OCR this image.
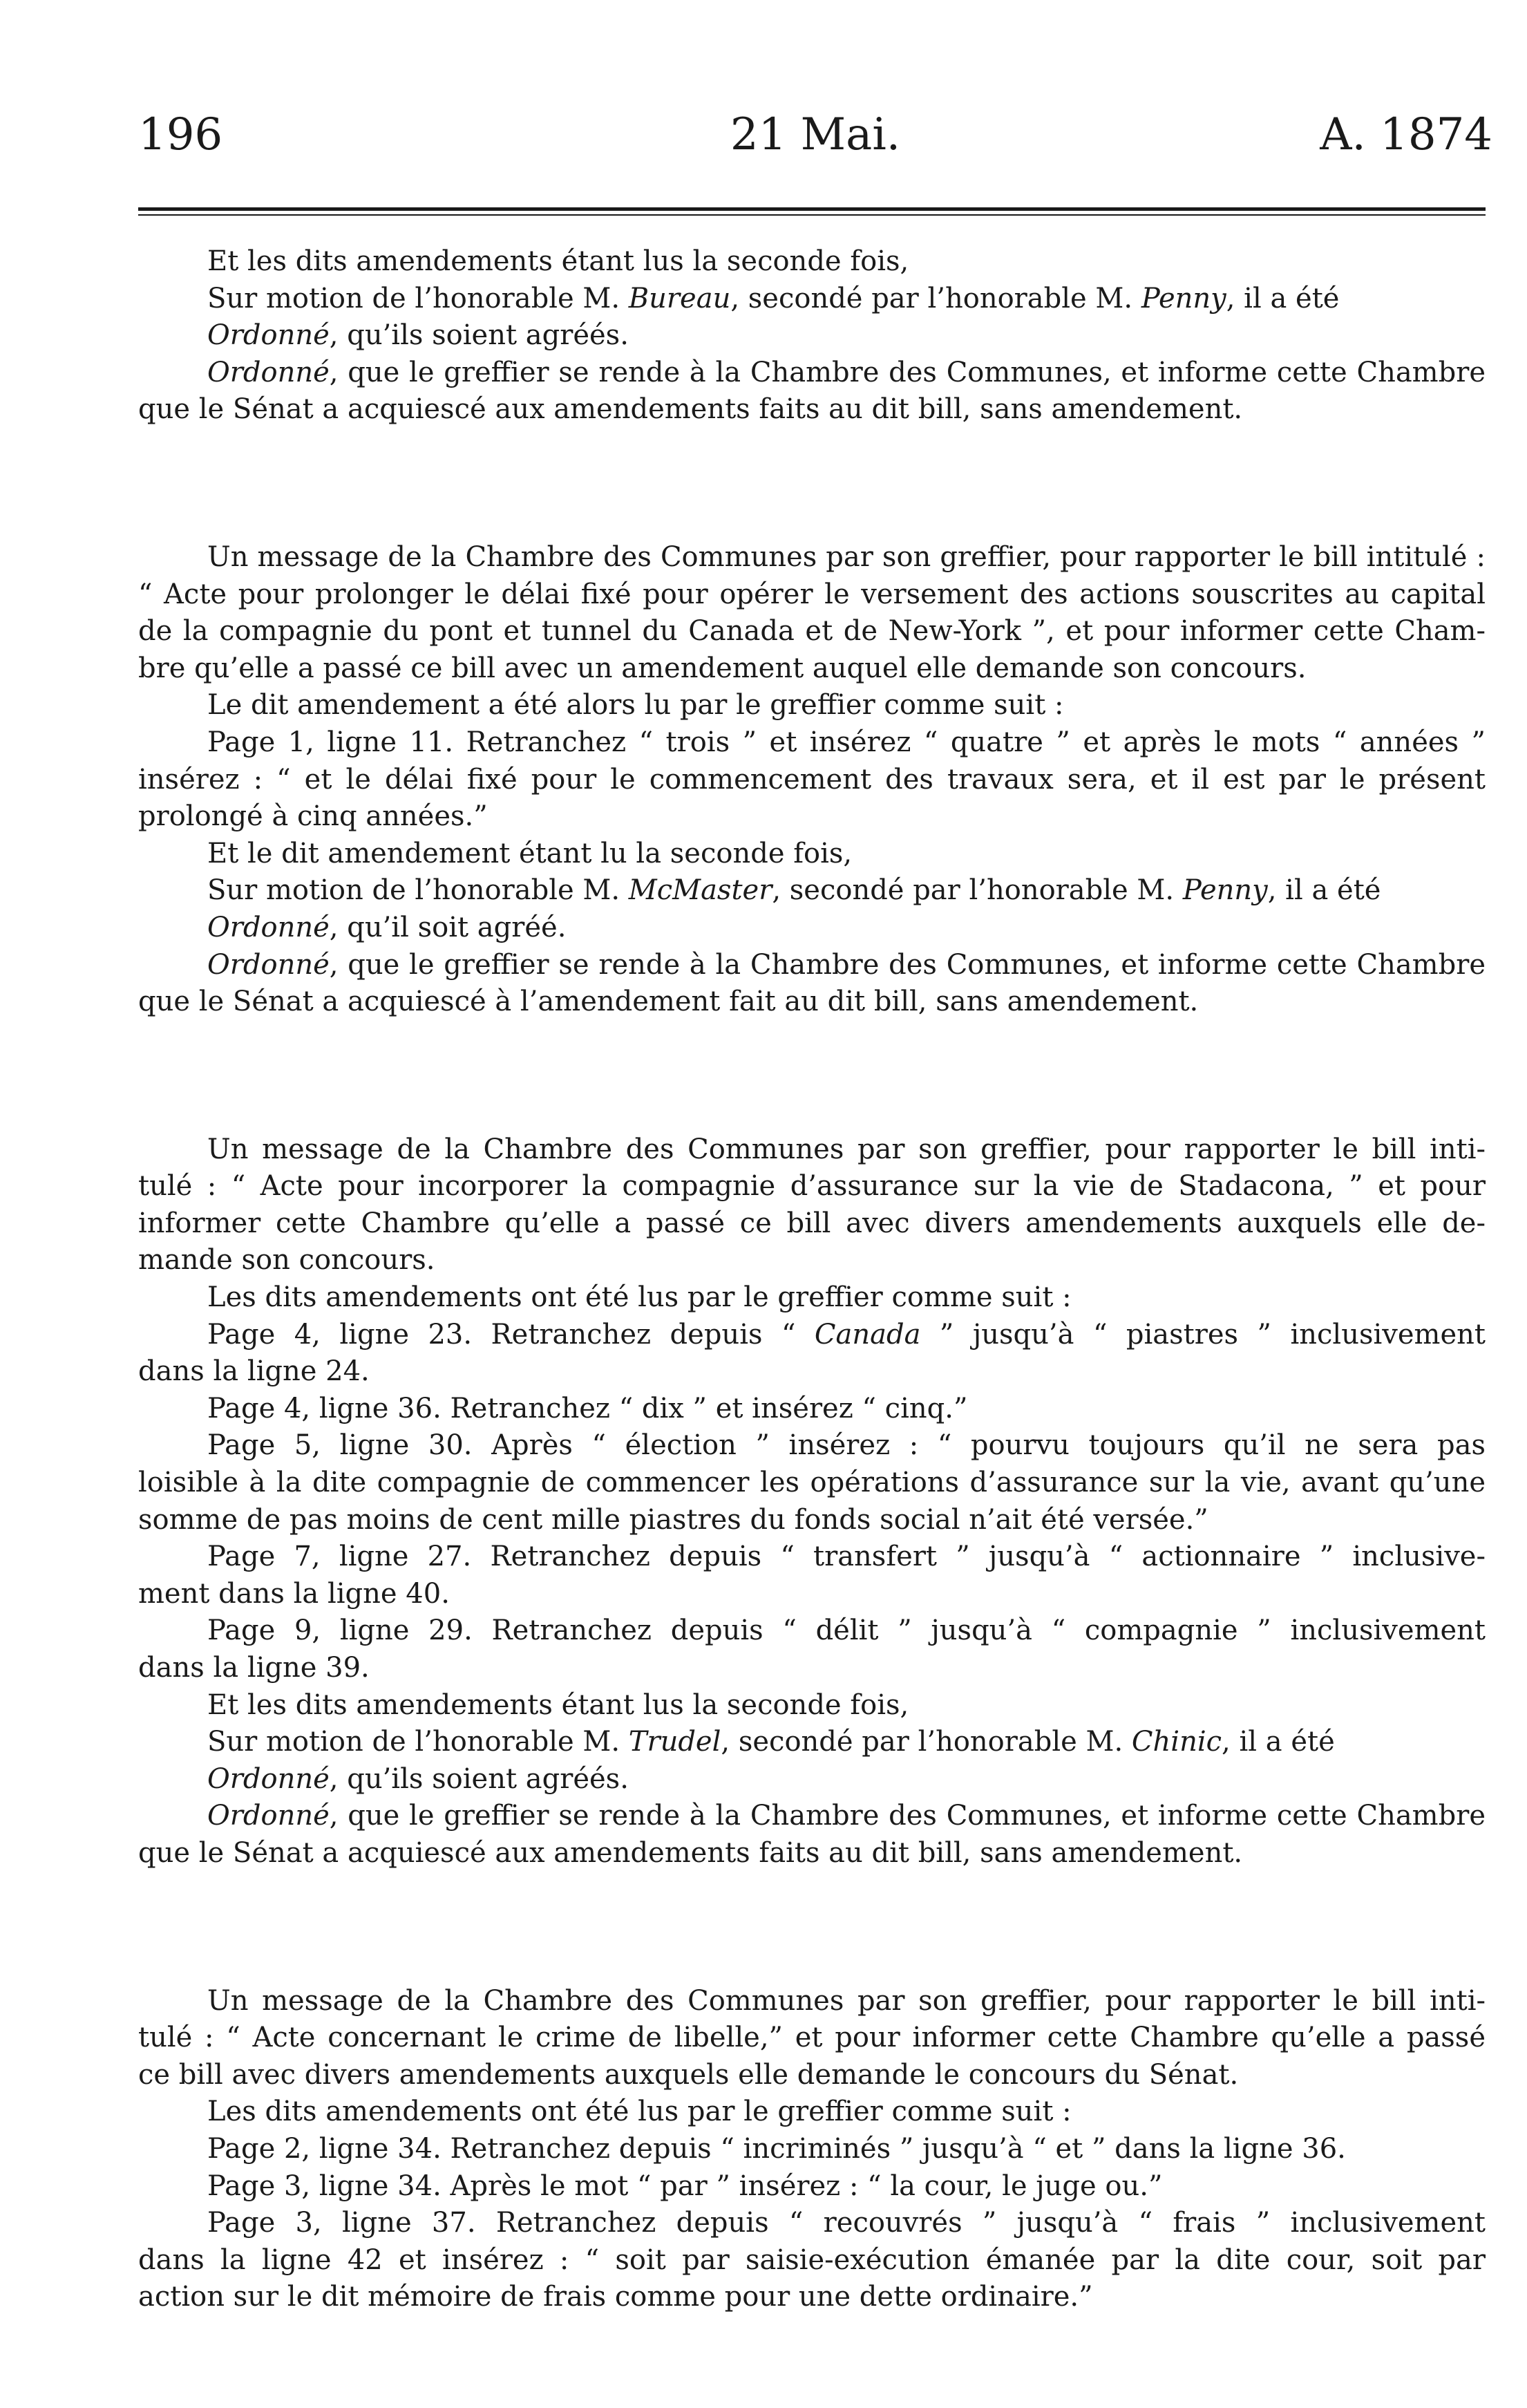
196	21 Mai.	A. 1874
Et les dits amendements étant lus la seconde fois,
Sur motion de l’honorable M. Bureau, secondé par l’honorable M. Penny, il a été
Ordonné, qu’ils soient agréés.
Ordonné, que le greffier se rende à la Chambre des Communes, et informe cette Chambre
que le Sénat a acquiescé aux amendements faits au dit bill, sans amendement.
Un message de la Chambre des Communes par son greffier, pour rapporter le bill intitulé :
“ Acte pour prolonger le délai fixé pour opérer le versement des actions souscrites au capital
de la compagnie du pont et tunnel du Canada et de New-York ”, et pour informer cette Cham-
bre qu’elle a passé ce bill avec un amendement auquel elle demande son concours.
Le dit amendement a été alors lu par le greffier comme suit :
Page 1, ligne 11. Retranchez “ trois ” et insérez “ quatre ” et après le mots “ années ”
insérez : “ et le délai fixé pour le commencement des travaux sera, et il est par le présent
prolongé à cinq années.”
Et le dit amendement étant lu la seconde fois,
Sur motion de l’honorable M. McMaster, secondé par l’honorable M. Penny, il a été
Ordonné, qu’il soit agréé.
Ordonné, que le greffier se rende à la Chambre des Communes, et informe cette Chambre
que le Sénat a acquiescé à l’amendement fait au dit bill, sans amendement.
Un message de la Chambre des Communes par son greffier, pour rapporter le bill inti-
tulé : “ Acte pour incorporer la compagnie d’assurance sur la vie de Stadacona, ” et pour
informer cette Chambre qu’elle a passé ce bill avec divers amendements auxquels elle de-
mande son concours.
Les dits amendements ont été lus par le greffier comme suit :
Page 4, ligne 23. Retranchez depuis “ Canada ” jusqu’à “ piastres ” inclusivement
dans la ligne 24.
Page 4, ligne 36. Retranchez “ dix ” et insérez “ cinq.”
Page 5, ligne 30. Après “ élection ” insérez : “ pourvu toujours qu’il ne sera pas
loisible à la dite compagnie de commencer les opérations d’assurance sur la vie, avant qu’une
somme de pas moins de cent mille piastres du fonds social n’ait été versée.”
Page 7, ligne 27. Retranchez depuis “ transfert ” jusqu’à “ actionnaire ” inclusive-
ment dans la ligne 40.
Page 9, ligne 29. Retranchez depuis “ délit ” jusqu’à “ compagnie ” inclusivement
dans la ligne 39.
Et les dits amendements étant lus la seconde fois,
Sur motion de l’honorable M. Trudel, secondé par l’honorable M. Chinic, il a été
Ordonné, qu’ils soient agréés.
Ordonné, que le greffier se rende à la Chambre des Communes, et informe cette Chambre
que le Sénat a acquiescé aux amendements faits au dit bill, sans amendement.
Un message de la Chambre des Communes par son greffier, pour rapporter le bill inti-
tulé : “ Acte concernant le crime de libelle,” et pour informer cette Chambre qu’elle a passé
ce bill avec divers amendements auxquels elle demande le concours du Sénat.
Les dits amendements ont été lus par le greffier comme suit :
Page 2, ligne 34. Retranchez depuis “ incriminés ” jusqu’à “ et ” dans la ligne 36.
Page 3, ligne 34. Après le mot “ par ” insérez : “ la cour, le juge ou.”
Page 3, ligne 37. Retranchez depuis “ recouvrés ” jusqu’à “ frais ” inclusivement
dans la ligne 42 et insérez : “ soit par saisie-exécution émanée par la dite cour, soit par
action sur le dit mémoire de frais comme pour une dette ordinaire.”
